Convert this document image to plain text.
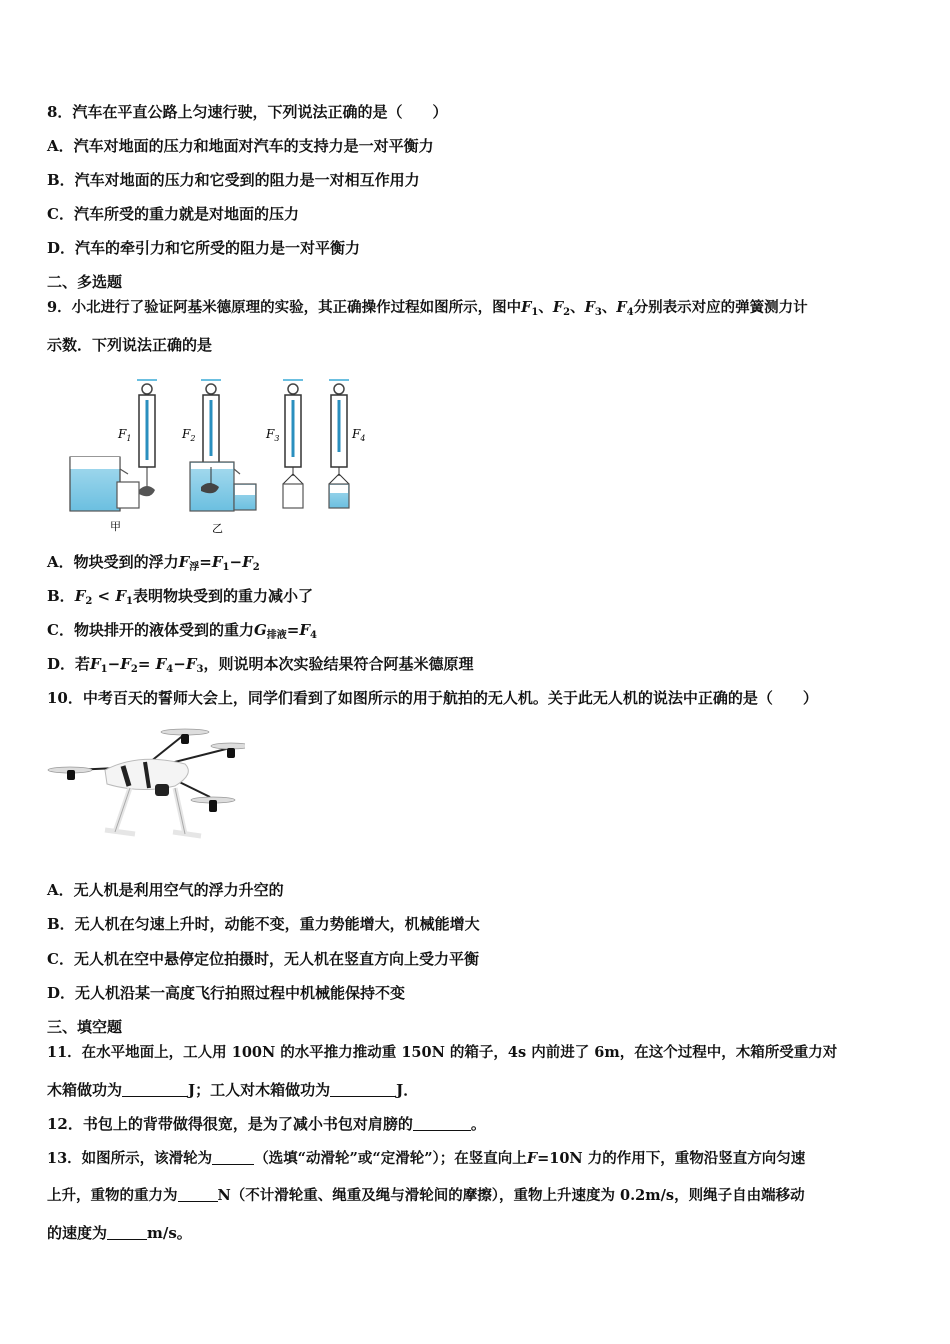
8．汽车在平直公路上匀速行驶，下列说法正确的是（　　）
A．汽车对地面的压力和地面对汽车的支持力是一对平衡力
B．汽车对地面的压力和它受到的阻力是一对相互作用力
C．汽车所受的重力就是对地面的压力
D．汽车的牵引力和它所受的阻力是一对平衡力
二、多选题
9．小北进行了验证阿基米德原理的实验，其正确操作过程如图所示，图中$F_1$、$F_2$、$F_3$、$F_4$分别表示对应的弹簧测力计
示数．下列说法正确的是
$F_1$
甲
$F_2$
乙
$F_3$	$F_4$
A．物块受到的浮力$F_浮=F_1-F_2$
B．$F_2 < F_1$表明物块受到的重力减小了
C．物块排开的液体受到的重力$G_{排液}=F_4$
D．若$F_1-F_2= F_4-F_3$，则说明本次实验结果符合阿基米德原理
10．中考百天的誓师大会上，同学们看到了如图所示的用于航拍的无人机。关于此无人机的说法中正确的是（　　）
A．无人机是利用空气的浮力升空的
B．无人机在匀速上升时，动能不变，重力势能增大，机械能增大
C．无人机在空中悬停定位拍摄时，无人机在竖直方向上受力平衡
D．无人机沿某一高度飞行拍照过程中机械能保持不变
三、填空题
11．在水平地面上，工人用 100N 的水平推力推动重 150N 的箱子，4s 内前进了 6m，在这个过程中，木箱所受重力对
木箱做功为	J；工人对木箱做功为	J．
12．书包上的背带做得很宽，是为了减小书包对肩膀的	。
13．如图所示，该滑轮为	（选填“动滑轮”或“定滑轮”）；在竖直向上F=10N 力的作用下，重物沿竖直方向匀速
上升，重物的重力为	N（不计滑轮重、绳重及绳与滑轮间的摩擦），重物上升速度为 0.2m/s，则绳子自由端移动
的速度为	m/s。
